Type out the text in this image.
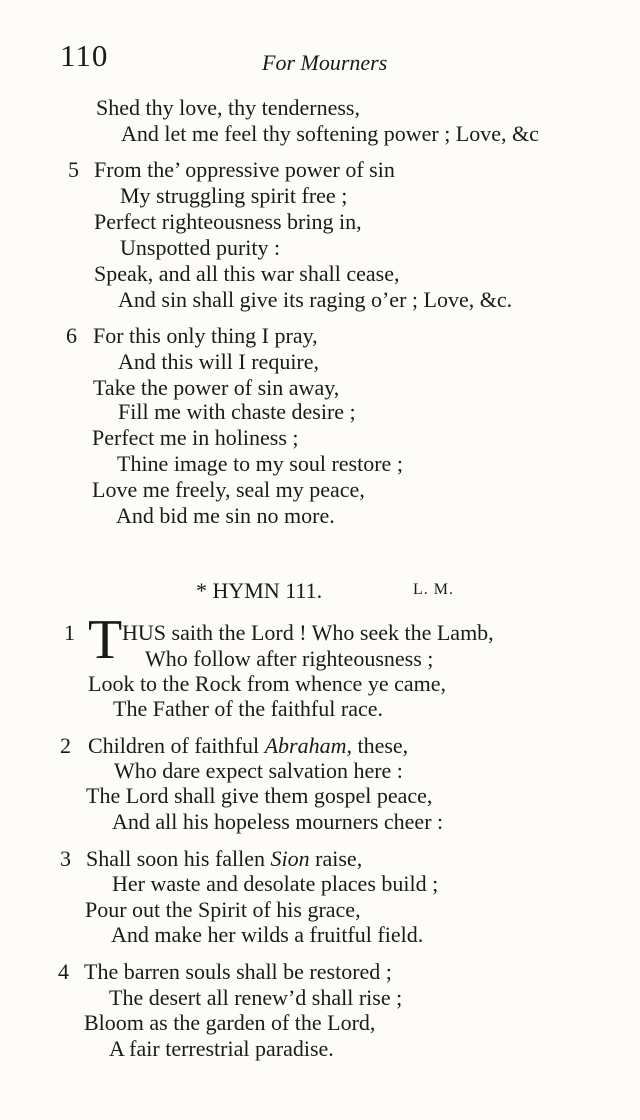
110	For Mourners
Shed thy love, thy tenderness,
And let me feel thy softening power ; Love, &c
5 From the’ oppressive power of sin
My struggling spirit free ;
Perfect righteousness bring in,
Unspotted purity :
Speak, and all this war shall cease,
And sin shall give its raging o’er ; Love, &c.
6 For this only thing I pray,
And this will I require,
Take the power of sin away,
Fill me with chaste desire ;
Perfect me in holiness ;
Thine image to my soul restore ;
Love me freely, seal my peace,
And bid me sin no more.
* HYMN 111.	L. M.
1 T HUS saith the Lord ! Who seek the Lamb,
Who follow after righteousness ;
Look to the Rock from whence ye came,
The Father of the faithful race.
2 Children of faithful Abraham, these,
Who dare expect salvation here :
The Lord shall give them gospel peace,
And all his hopeless mourners cheer :
3 Shall soon his fallen Sion raise,
Her waste and desolate places build ;
Pour out the Spirit of his grace,
And make her wilds a fruitful field.
4 The barren souls shall be restored ;
The desert all renew’d shall rise ;
Bloom as the garden of the Lord,
A fair terrestrial paradise.
